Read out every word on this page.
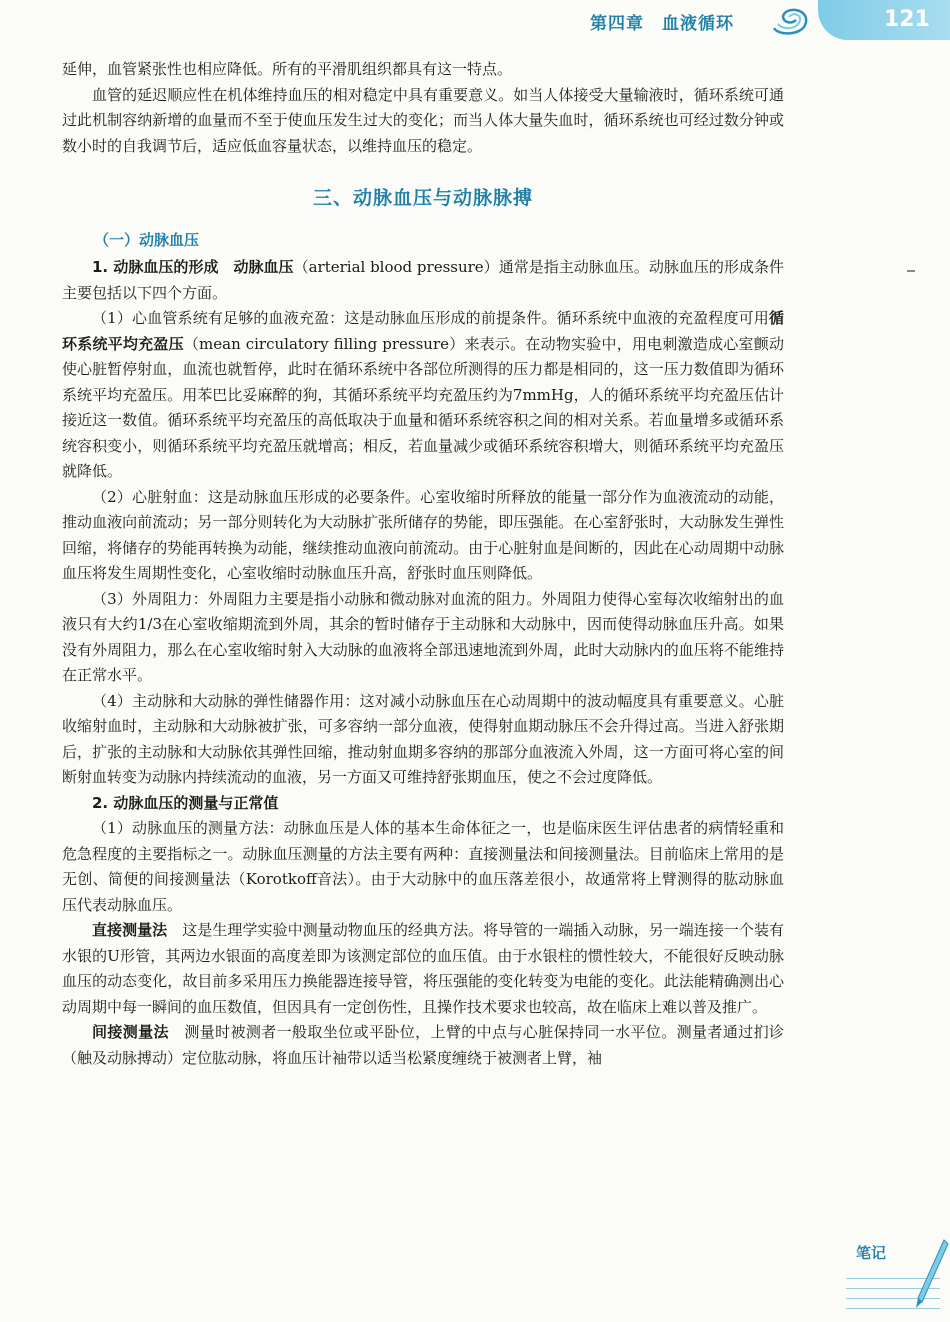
第四章　血液循环	121

延伸，血管紧张性也相应降低。所有的平滑肌组织都具有这一特点。

血管的延迟顺应性在机体维持血压的相对稳定中具有重要意义。如当人体接受大量输液时，循环系统可通过此机制容纳新增的血量而不至于使血压发生过大的变化；而当人体大量失血时，循环系统也可经过数分钟或数小时的自我调节后，适应低血容量状态，以维持血压的稳定。

三、动脉血压与动脉脉搏
（一）动脉血压

1. 动脉血压的形成　 动脉血压（arterial blood pressure）通常是指主动脉血压。动脉血压的形成条件主要包括以下四个方面。

（1）心血管系统有足够的血液充盈：这是动脉血压形成的前提条件。循环系统中血液的充盈程度可用循环系统平均充盈压（mean circulatory filling pressure）来表示。在动物实验中，用电刺激造成心室颤动使心脏暂停射血，血流也就暂停，此时在循环系统中各部位所测得的压力都是相同的，这一压力数值即为循环系统平均充盈压。用苯巴比妥麻醉的狗，其循环系统平均充盈压约为7mmHg，人的循环系统平均充盈压估计接近这一数值。循环系统平均充盈压的高低取决于血量和循环系统容积之间的相对关系。若血量增多或循环系统容积变小，则循环系统平均充盈压就增高；相反，若血量减少或循环系统容积增大，则循环系统平均充盈压就降低。

（2）心脏射血：这是动脉血压形成的必要条件。心室收缩时所释放的能量一部分作为血液流动的动能，推动血液向前流动；另一部分则转化为大动脉扩张所储存的势能，即压强能。在心室舒张时，大动脉发生弹性回缩，将储存的势能再转换为动能，继续推动血液向前流动。由于心脏射血是间断的，因此在心动周期中动脉血压将发生周期性变化，心室收缩时动脉血压升高，舒张时血压则降低。

（3）外周阻力：外周阻力主要是指小动脉和微动脉对血流的阻力。外周阻力使得心室每次收缩射出的血液只有大约1/3在心室收缩期流到外周，其余的暂时储存于主动脉和大动脉中，因而使得动脉血压升高。如果没有外周阻力，那么在心室收缩时射入大动脉的血液将全部迅速地流到外周，此时大动脉内的血压将不能维持在正常水平。

（4）主动脉和大动脉的弹性储器作用：这对减小动脉血压在心动周期中的波动幅度具有重要意义。心脏收缩射血时，主动脉和大动脉被扩张，可多容纳一部分血液，使得射血期动脉压不会升得过高。当进入舒张期后，扩张的主动脉和大动脉依其弹性回缩，推动射血期多容纳的那部分血液流入外周，这一方面可将心室的间断射血转变为动脉内持续流动的血液，另一方面又可维持舒张期血压，使之不会过度降低。

2. 动脉血压的测量与正常值

（1）动脉血压的测量方法：动脉血压是人体的基本生命体征之一，也是临床医生评估患者的病情轻重和危急程度的主要指标之一。动脉血压测量的方法主要有两种：直接测量法和间接测量法。目前临床上常用的是无创、简便的间接测量法（Korotkoff音法）。由于大动脉中的血压落差很小，故通常将上臂测得的肱动脉血压代表动脉血压。

直接测量法　这是生理学实验中测量动物血压的经典方法。将导管的一端插入动脉，另一端连接一个装有水银的U形管，其两边水银面的高度差即为该测定部位的血压值。由于水银柱的惯性较大，不能很好反映动脉血压的动态变化，故目前多采用压力换能器连接导管，将压强能的变化转变为电能的变化。此法能精确测出心动周期中每一瞬间的血压数值，但因具有一定创伤性，且操作技术要求也较高，故在临床上难以普及推广。

间接测量法　测量时被测者一般取坐位或平卧位，上臂的中点与心脏保持同一水平位。测量者通过扪诊（触及动脉搏动）定位肱动脉，将血压计袖带以适当松紧度缠绕于被测者上臂，袖

笔记
